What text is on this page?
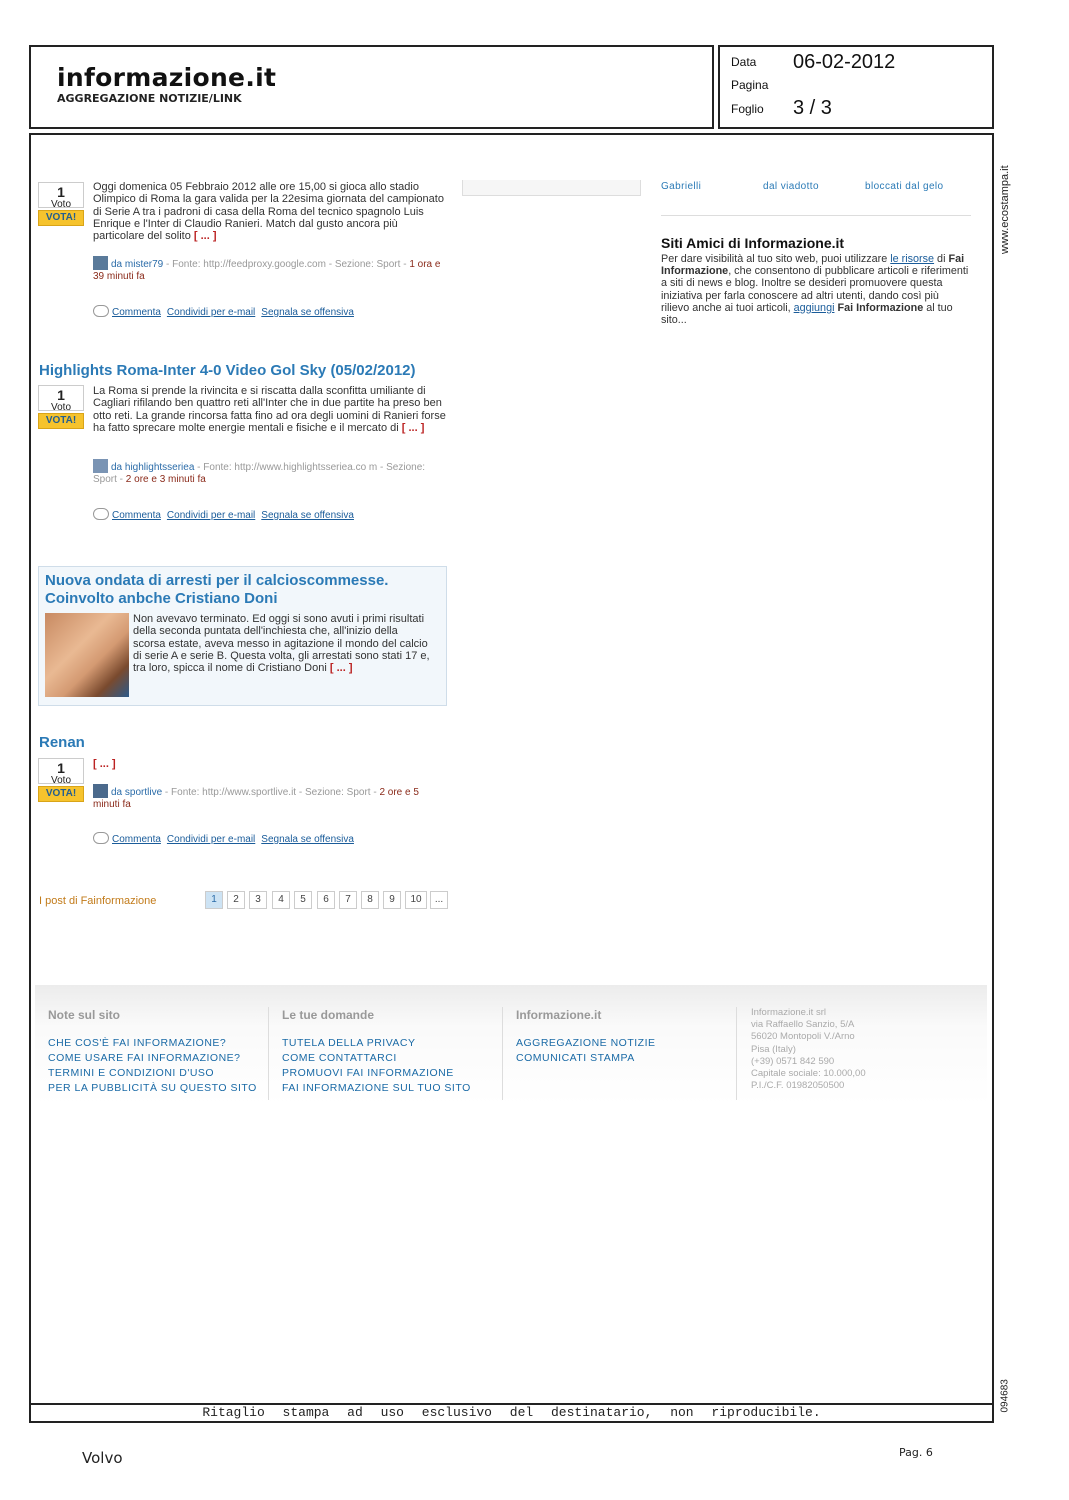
informazione.it
AGGREGAZIONE NOTIZIE/LINK
Data 06-02-2012
Pagina
Foglio 3 / 3
www.ecostampa.it
094683
1
Voto
VOTA!
Oggi domenica 05 Febbraio 2012 alle ore 15,00 si gioca allo stadio Olimpico di Roma la gara valida per la 22esima giornata del campionato di Serie A tra i padroni di casa della Roma del tecnico spagnolo Luis Enrique e l'Inter di Claudio Ranieri. Match dal gusto ancora più particolare del solito [ ... ]
da mister79 - Fonte: http://feedproxy.google.com - Sezione: Sport - 1 ora e 39 minuti fa
Commenta Condividi per e-mail Segnala se offensiva
Highlights Roma-Inter 4-0 Video Gol Sky (05/02/2012)
1
Voto
VOTA!
La Roma si prende la rivincita e si riscatta dalla sconfitta umiliante di Cagliari rifilando ben quattro reti all'Inter che in due partite ha preso ben otto reti. La grande rincorsa fatta fino ad ora degli uomini di Ranieri forse ha fatto sprecare molte energie mentali e fisiche e il mercato di [ ... ]
da highlightsseriea - Fonte: http://www.highlightsseriea.co m - Sezione: Sport - 2 ore e 3 minuti fa
Commenta Condividi per e-mail Segnala se offensiva
Nuova ondata di arresti per il calcioscommesse. Coinvolto anbche Cristiano Doni
Non avevavo terminato. Ed oggi si sono avuti i primi risultati della seconda puntata dell'inchiesta che, all'inizio della scorsa estate, aveva messo in agitazione il mondo del calcio di serie A e serie B. Questa volta, gli arrestati sono stati 17 e, tra loro, spicca il nome di Cristiano Doni [ ... ]
Renan
1
Voto
VOTA!
[ ... ]
da sportlive - Fonte: http://www.sportlive.it - Sezione: Sport - 2 ore e 5 minuti fa
Commenta Condividi per e-mail Segnala se offensiva
I post di Fainformazione	1	2	3	4	5	6	7	8	9	10	...
Gabrielli	dal viadotto	bloccati dal gelo
Siti Amici di Informazione.it
Per dare visibilità al tuo sito web, puoi utilizzare le risorse di Fai Informazione, che consentono di pubblicare articoli e riferimenti a siti di news e blog. Inoltre se desideri promuovere questa iniziativa per farla conoscere ad altri utenti, dando così più rilievo anche ai tuoi articoli, aggiungi Fai Informazione al tuo sito...
Note sul sito
CHE COS'È FAI INFORMAZIONE?
COME USARE FAI INFORMAZIONE?
TERMINI E CONDIZIONI D'USO
PER LA PUBBLICITÀ SU QUESTO SITO
Le tue domande
TUTELA DELLA PRIVACY
COME CONTATTARCI
PROMUOVI FAI INFORMAZIONE
FAI INFORMAZIONE SUL TUO SITO
Informazione.it
AGGREGAZIONE NOTIZIE
COMUNICATI STAMPA
Informazione.it srl
via Raffaello Sanzio, 5/A
56020 Montopoli V./Arno
Pisa (Italy)
(+39) 0571 842 590
Capitale sociale: 10.000,00
P.I./C.F. 01982050500
Ritaglio stampa ad uso esclusivo del destinatario, non riproducibile.
Volvo	Pag. 6
